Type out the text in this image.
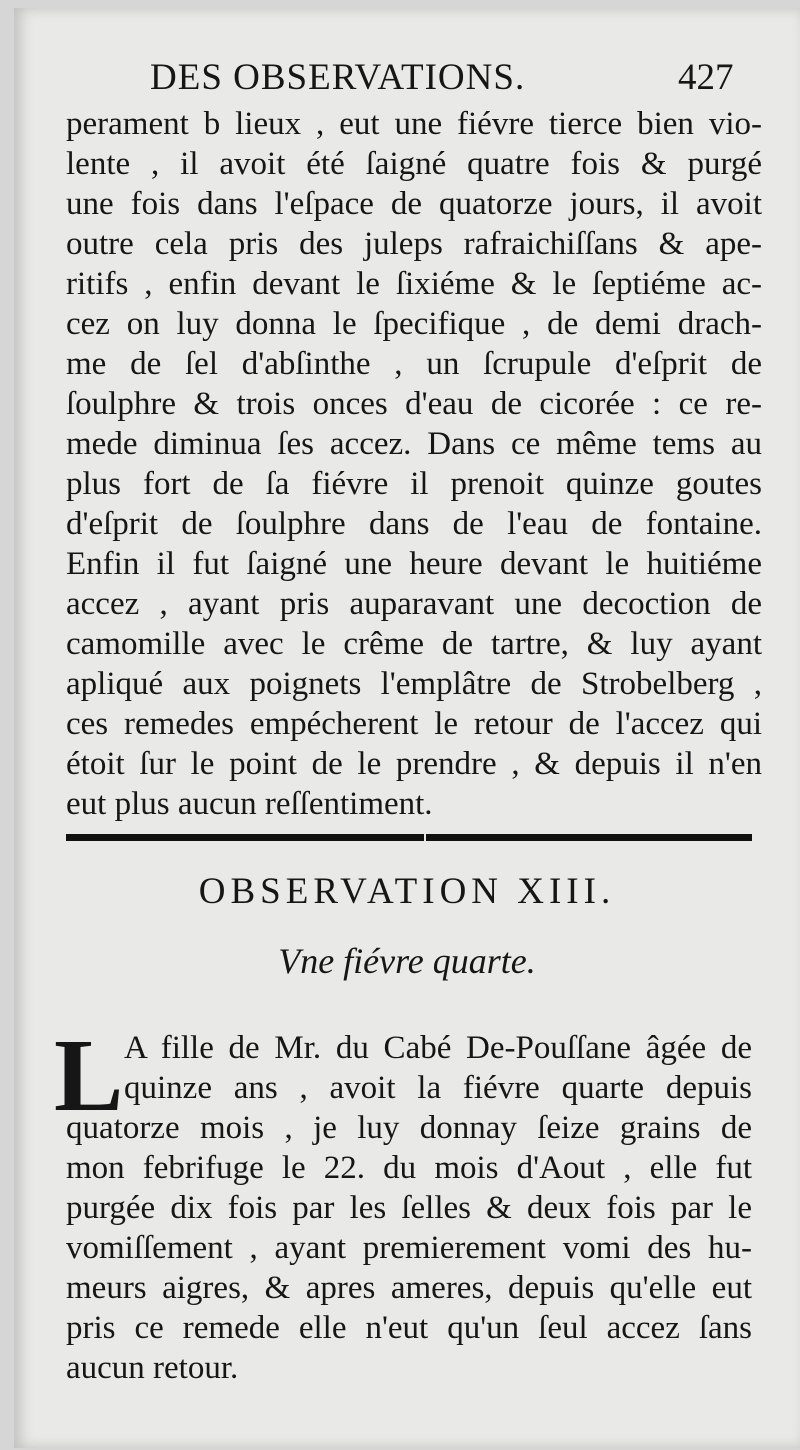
DES OBSERVATIONS.	427
perament b lieux , eut une fiévre tierce bien vio-
lente , il avoit été ſaigné quatre fois & purgé
une fois dans l'eſpace de quatorze jours, il avoit
outre cela pris des juleps rafraichiſſans & ape-
ritifs , enfin devant le ſixiéme & le ſeptiéme ac-
cez on luy donna le ſpecifique , de demi drach-
me de ſel d'abſinthe , un ſcrupule d'eſprit de
ſoulphre & trois onces d'eau de cicorée : ce re-
mede diminua ſes accez. Dans ce même tems au
plus fort de ſa fiévre il prenoit quinze goutes
d'eſprit de ſoulphre dans de l'eau de fontaine.
Enfin il fut ſaigné une heure devant le huitiéme
accez , ayant pris auparavant une decoction de
camomille avec le crême de tartre, & luy ayant
apliqué aux poignets l'emplâtre de Strobelberg ,
ces remedes empécherent le retour de l'accez qui
étoit ſur le point de le prendre , & depuis il n'en
eut plus aucun reſſentiment.
OBSERVATION XIII.
Vne fiévre quarte.
L A fille de Mr. du Cabé De-Pouſſane âgée de
quinze ans , avoit la fiévre quarte depuis
quatorze mois , je luy donnay ſeize grains de
mon febrifuge le 22. du mois d'Aout , elle fut
purgée dix fois par les ſelles & deux fois par le
vomiſſement , ayant premierement vomi des hu-
meurs aigres, & apres ameres, depuis qu'elle eut
pris ce remede elle n'eut qu'un ſeul accez ſans
aucun retour.
